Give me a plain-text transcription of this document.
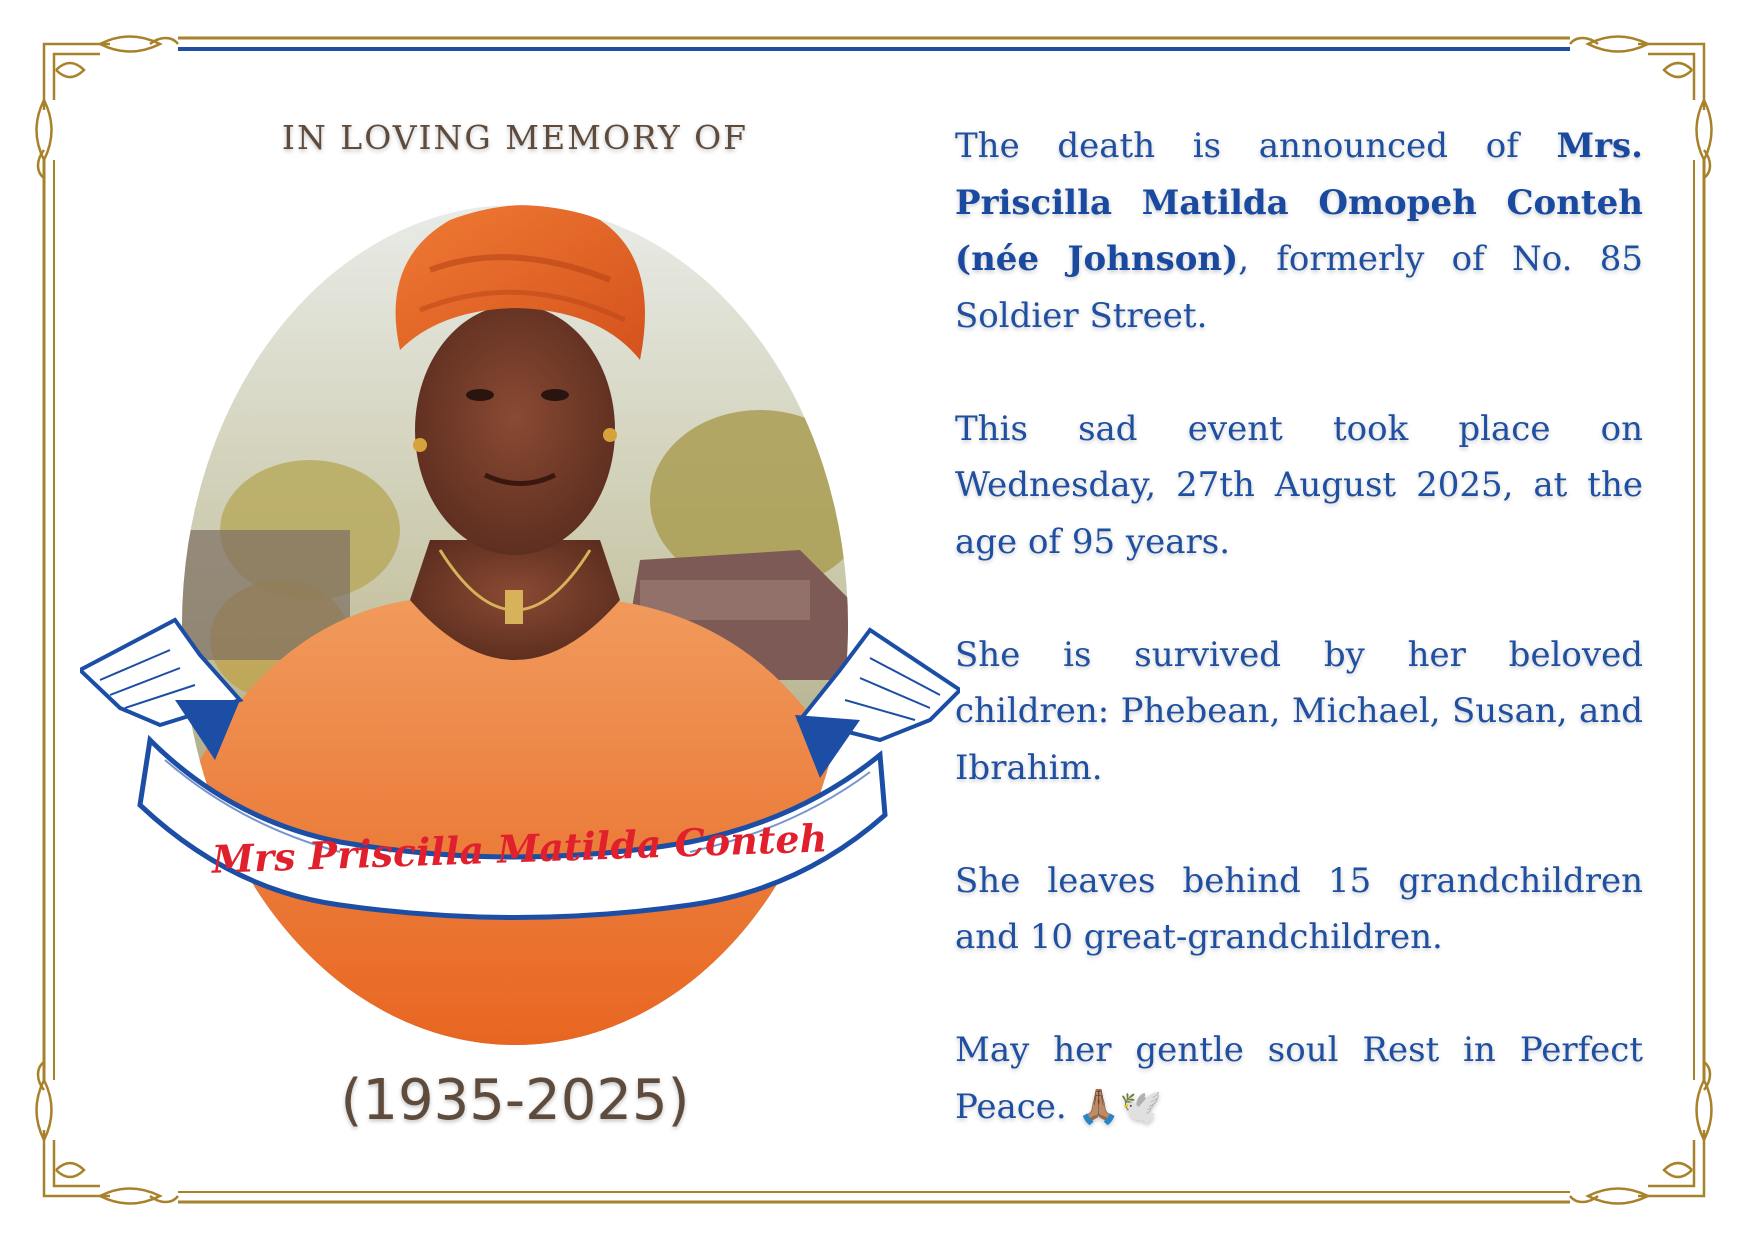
IN LOVING MEMORY OF
Mrs Priscilla Matilda Conteh
(1935-2025)

The death is announced of Mrs. Priscilla Matilda Omopeh Conteh (née Johnson), formerly of No. 85 Soldier Street.

This sad event took place on Wednesday, 27th August 2025, at the age of 95 years.

She is survived by her beloved children: Phebean, Michael, Susan, and Ibrahim.

She leaves behind 15 grandchildren and 10 great-grandchildren.

May her gentle soul Rest in Perfect Peace. 🙏🏽🕊️
